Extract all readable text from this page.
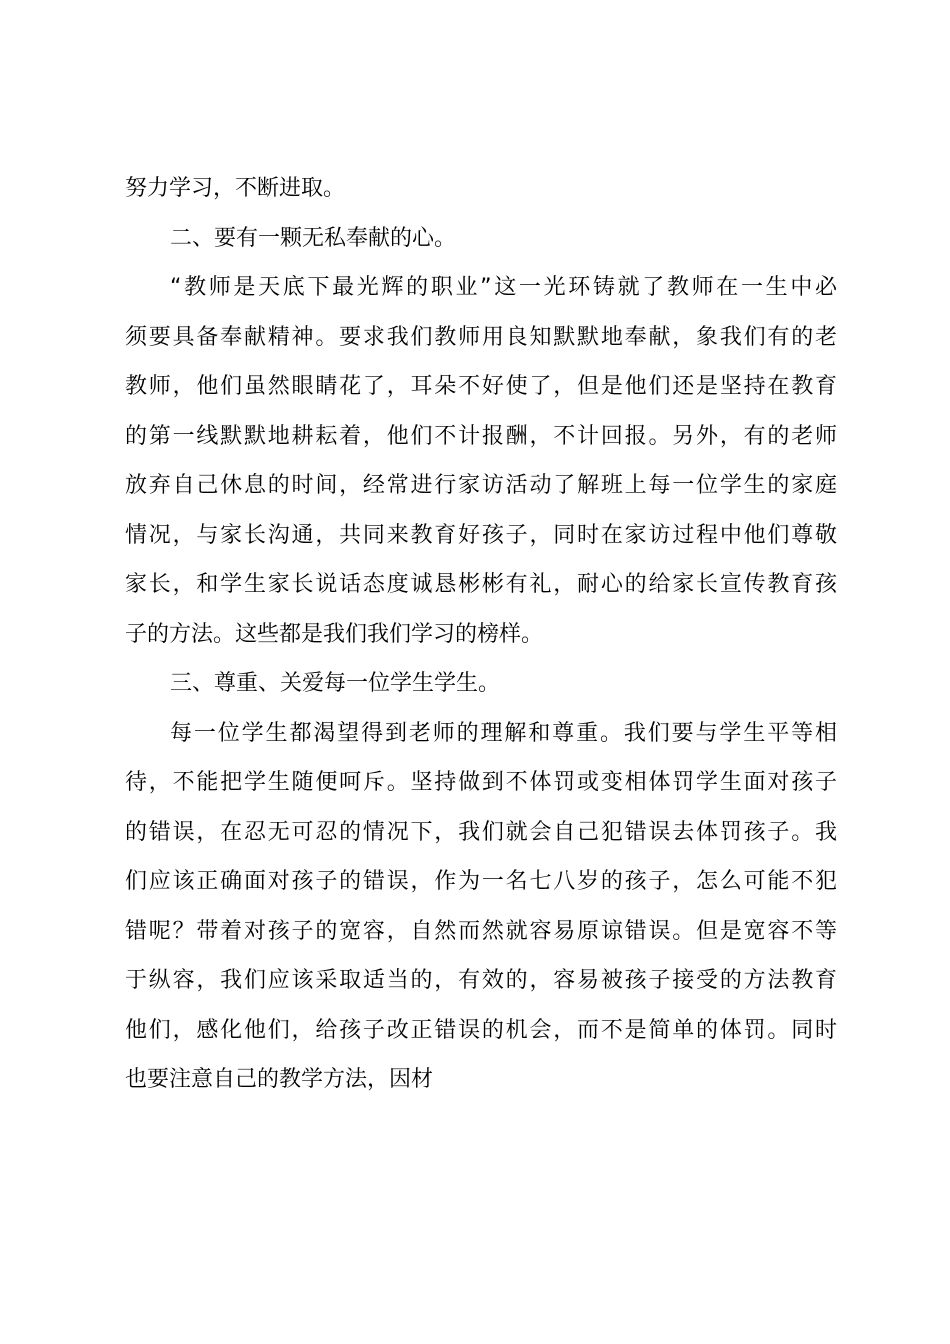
努力学习，不断进取。
二、要有一颗无私奉献的心。
“教师是天底下最光辉的职业”这一光环铸就了教师在一生中必
须要具备奉献精神。要求我们教师用良知默默地奉献，象我们有的老
教师，他们虽然眼睛花了，耳朵不好使了，但是他们还是坚持在教育
的第一线默默地耕耘着，他们不计报酬，不计回报。另外，有的老师
放弃自己休息的时间，经常进行家访活动了解班上每一位学生的家庭
情况，与家长沟通，共同来教育好孩子，同时在家访过程中他们尊敬
家长，和学生家长说话态度诚恳彬彬有礼，耐心的给家长宣传教育孩
子的方法。这些都是我们我们学习的榜样。
三、尊重、关爱每一位学生学生。
每一位学生都渴望得到老师的理解和尊重。我们要与学生平等相
待，不能把学生随便呵斥。坚持做到不体罚或变相体罚学生面对孩子
的错误，在忍无可忍的情况下，我们就会自己犯错误去体罚孩子。我
们应该正确面对孩子的错误，作为一名七八岁的孩子，怎么可能不犯
错呢？带着对孩子的宽容，自然而然就容易原谅错误。但是宽容不等
于纵容，我们应该采取适当的，有效的，容易被孩子接受的方法教育
他们，感化他们，给孩子改正错误的机会，而不是简单的体罚。同时
也要注意自己的教学方法，因材
